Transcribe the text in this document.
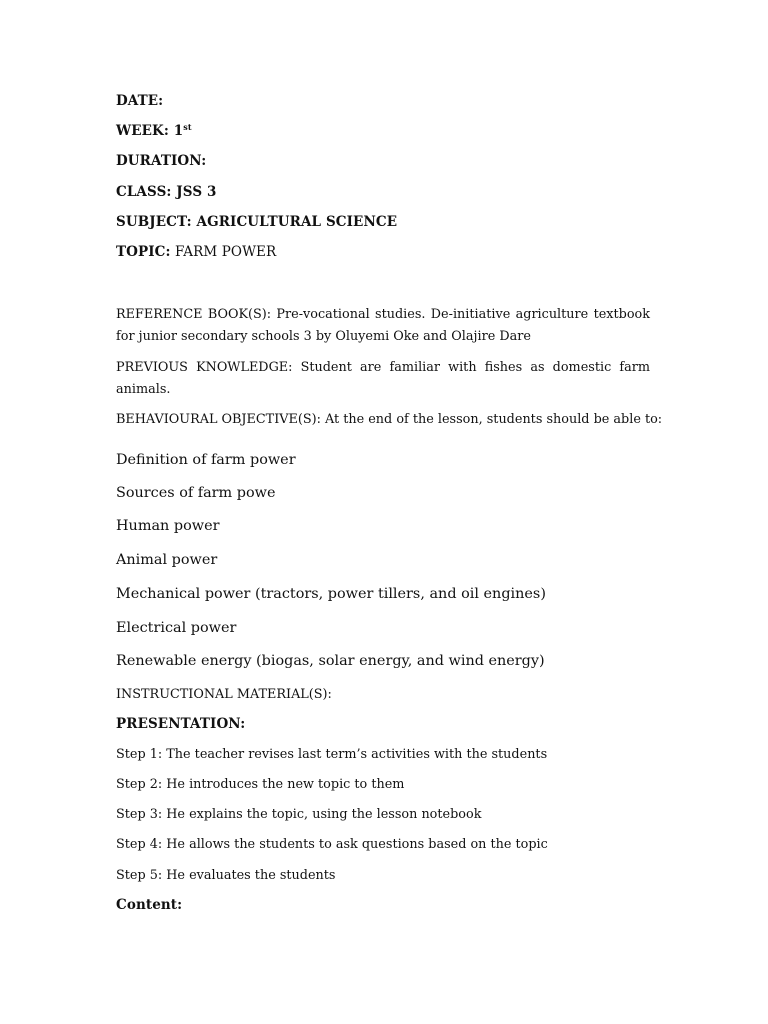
DATE:
WEEK: 1st
DURATION:
CLASS: JSS 3
SUBJECT: AGRICULTURAL SCIENCE
TOPIC: FARM POWER
REFERENCE BOOK(S): Pre-vocational studies. De-initiative agriculture textbook for junior secondary schools 3 by Oluyemi Oke and Olajire Dare
PREVIOUS KNOWLEDGE: Student are familiar with fishes as domestic farm animals.
BEHAVIOURAL OBJECTIVE(S): At the end of the lesson, students should be able to:
Definition of farm power
Sources of farm powe
Human power
Animal power
Mechanical power (tractors, power tillers, and oil engines)
Electrical power
Renewable energy (biogas, solar energy, and wind energy)
INSTRUCTIONAL MATERIAL(S):
PRESENTATION:
Step 1: The teacher revises last term’s activities with the students
Step 2: He introduces the new topic to them
Step 3: He explains the topic, using the lesson notebook
Step 4: He allows the students to ask questions based on the topic
Step 5: He evaluates the students
Content:
